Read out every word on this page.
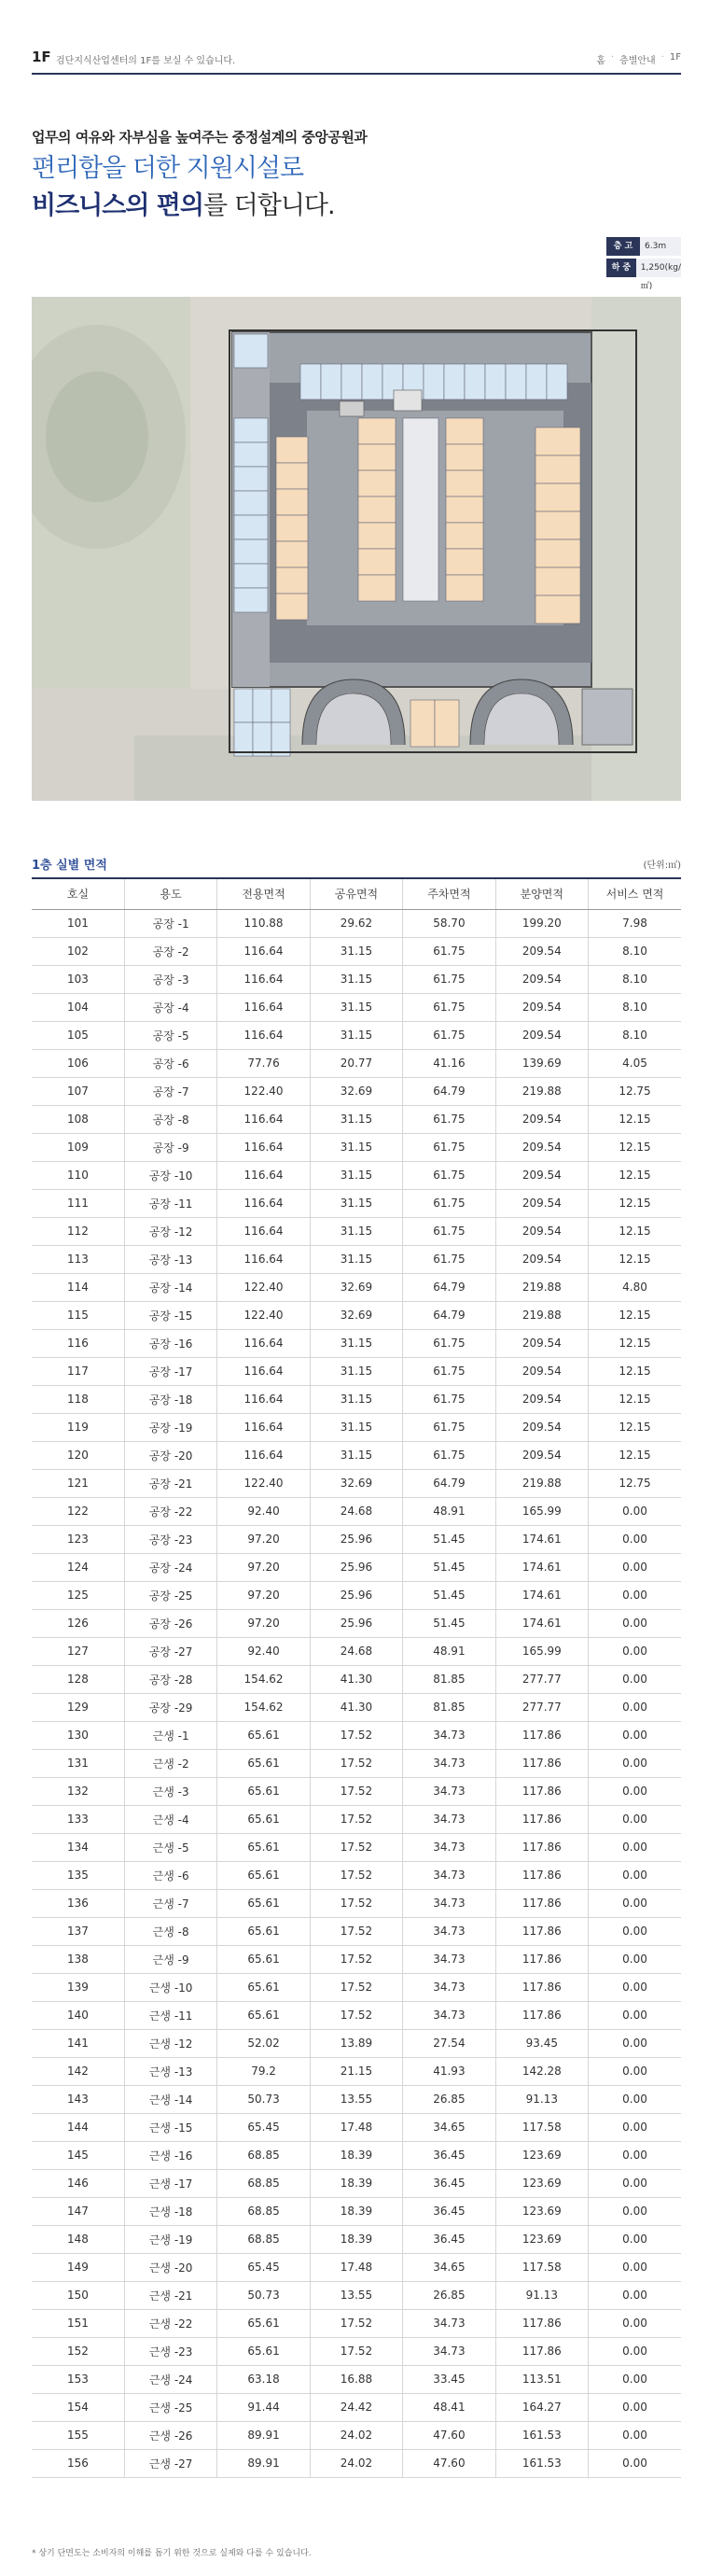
1F 검단지식산업센터의 1F를 보실 수 있습니다.	홈 · 층별안내 · 1F
업무의 여유와 자부심을 높여주는 중정설계의 중앙공원과
편리함을 더한 지원시설로
비즈니스의 편의를 더합니다.
층 고	6.3m
하 중	1,250(kg/㎡)
1층 실별 면적	(단위:㎡)
호실	용도	전용면적	공유면적	주차면적	분양면적	서비스 면적
101	공장 -1	110.88	29.62	58.70	199.20	7.98
102	공장 -2	116.64	31.15	61.75	209.54	8.10
103	공장 -3	116.64	31.15	61.75	209.54	8.10
104	공장 -4	116.64	31.15	61.75	209.54	8.10
105	공장 -5	116.64	31.15	61.75	209.54	8.10
106	공장 -6	77.76	20.77	41.16	139.69	4.05
107	공장 -7	122.40	32.69	64.79	219.88	12.75
108	공장 -8	116.64	31.15	61.75	209.54	12.15
109	공장 -9	116.64	31.15	61.75	209.54	12.15
110	공장 -10	116.64	31.15	61.75	209.54	12.15
111	공장 -11	116.64	31.15	61.75	209.54	12.15
112	공장 -12	116.64	31.15	61.75	209.54	12.15
113	공장 -13	116.64	31.15	61.75	209.54	12.15
114	공장 -14	122.40	32.69	64.79	219.88	4.80
115	공장 -15	122.40	32.69	64.79	219.88	12.15
116	공장 -16	116.64	31.15	61.75	209.54	12.15
117	공장 -17	116.64	31.15	61.75	209.54	12.15
118	공장 -18	116.64	31.15	61.75	209.54	12.15
119	공장 -19	116.64	31.15	61.75	209.54	12.15
120	공장 -20	116.64	31.15	61.75	209.54	12.15
121	공장 -21	122.40	32.69	64.79	219.88	12.75
122	공장 -22	92.40	24.68	48.91	165.99	0.00
123	공장 -23	97.20	25.96	51.45	174.61	0.00
124	공장 -24	97.20	25.96	51.45	174.61	0.00
125	공장 -25	97.20	25.96	51.45	174.61	0.00
126	공장 -26	97.20	25.96	51.45	174.61	0.00
127	공장 -27	92.40	24.68	48.91	165.99	0.00
128	공장 -28	154.62	41.30	81.85	277.77	0.00
129	공장 -29	154.62	41.30	81.85	277.77	0.00
130	근생 -1	65.61	17.52	34.73	117.86	0.00
131	근생 -2	65.61	17.52	34.73	117.86	0.00
132	근생 -3	65.61	17.52	34.73	117.86	0.00
133	근생 -4	65.61	17.52	34.73	117.86	0.00
134	근생 -5	65.61	17.52	34.73	117.86	0.00
135	근생 -6	65.61	17.52	34.73	117.86	0.00
136	근생 -7	65.61	17.52	34.73	117.86	0.00
137	근생 -8	65.61	17.52	34.73	117.86	0.00
138	근생 -9	65.61	17.52	34.73	117.86	0.00
139	근생 -10	65.61	17.52	34.73	117.86	0.00
140	근생 -11	65.61	17.52	34.73	117.86	0.00
141	근생 -12	52.02	13.89	27.54	93.45	0.00
142	근생 -13	79.2	21.15	41.93	142.28	0.00
143	근생 -14	50.73	13.55	26.85	91.13	0.00
144	근생 -15	65.45	17.48	34.65	117.58	0.00
145	근생 -16	68.85	18.39	36.45	123.69	0.00
146	근생 -17	68.85	18.39	36.45	123.69	0.00
147	근생 -18	68.85	18.39	36.45	123.69	0.00
148	근생 -19	68.85	18.39	36.45	123.69	0.00
149	근생 -20	65.45	17.48	34.65	117.58	0.00
150	근생 -21	50.73	13.55	26.85	91.13	0.00
151	근생 -22	65.61	17.52	34.73	117.86	0.00
152	근생 -23	65.61	17.52	34.73	117.86	0.00
153	근생 -24	63.18	16.88	33.45	113.51	0.00
154	근생 -25	91.44	24.42	48.41	164.27	0.00
155	근생 -26	89.91	24.02	47.60	161.53	0.00
156	근생 -27	89.91	24.02	47.60	161.53	0.00
* 상기 단면도는 소비자의 이해를 돕기 위한 것으로 실제와 다를 수 있습니다.
